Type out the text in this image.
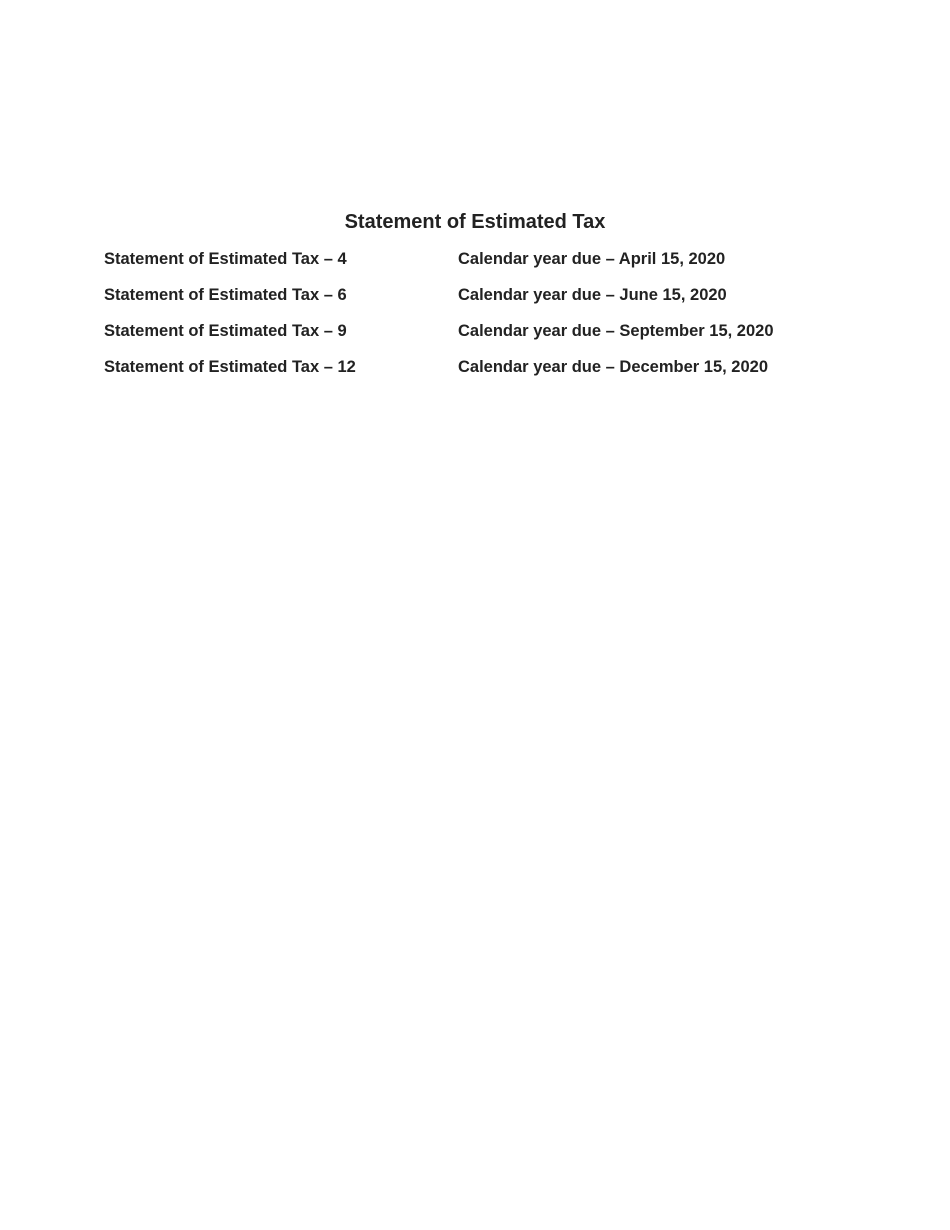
Statement of Estimated Tax
Statement of Estimated Tax – 4	Calendar year due – April 15, 2020
Statement of Estimated Tax – 6	Calendar year due – June 15, 2020
Statement of Estimated Tax – 9	Calendar year due – September 15, 2020
Statement of Estimated Tax – 12	Calendar year due – December 15, 2020
